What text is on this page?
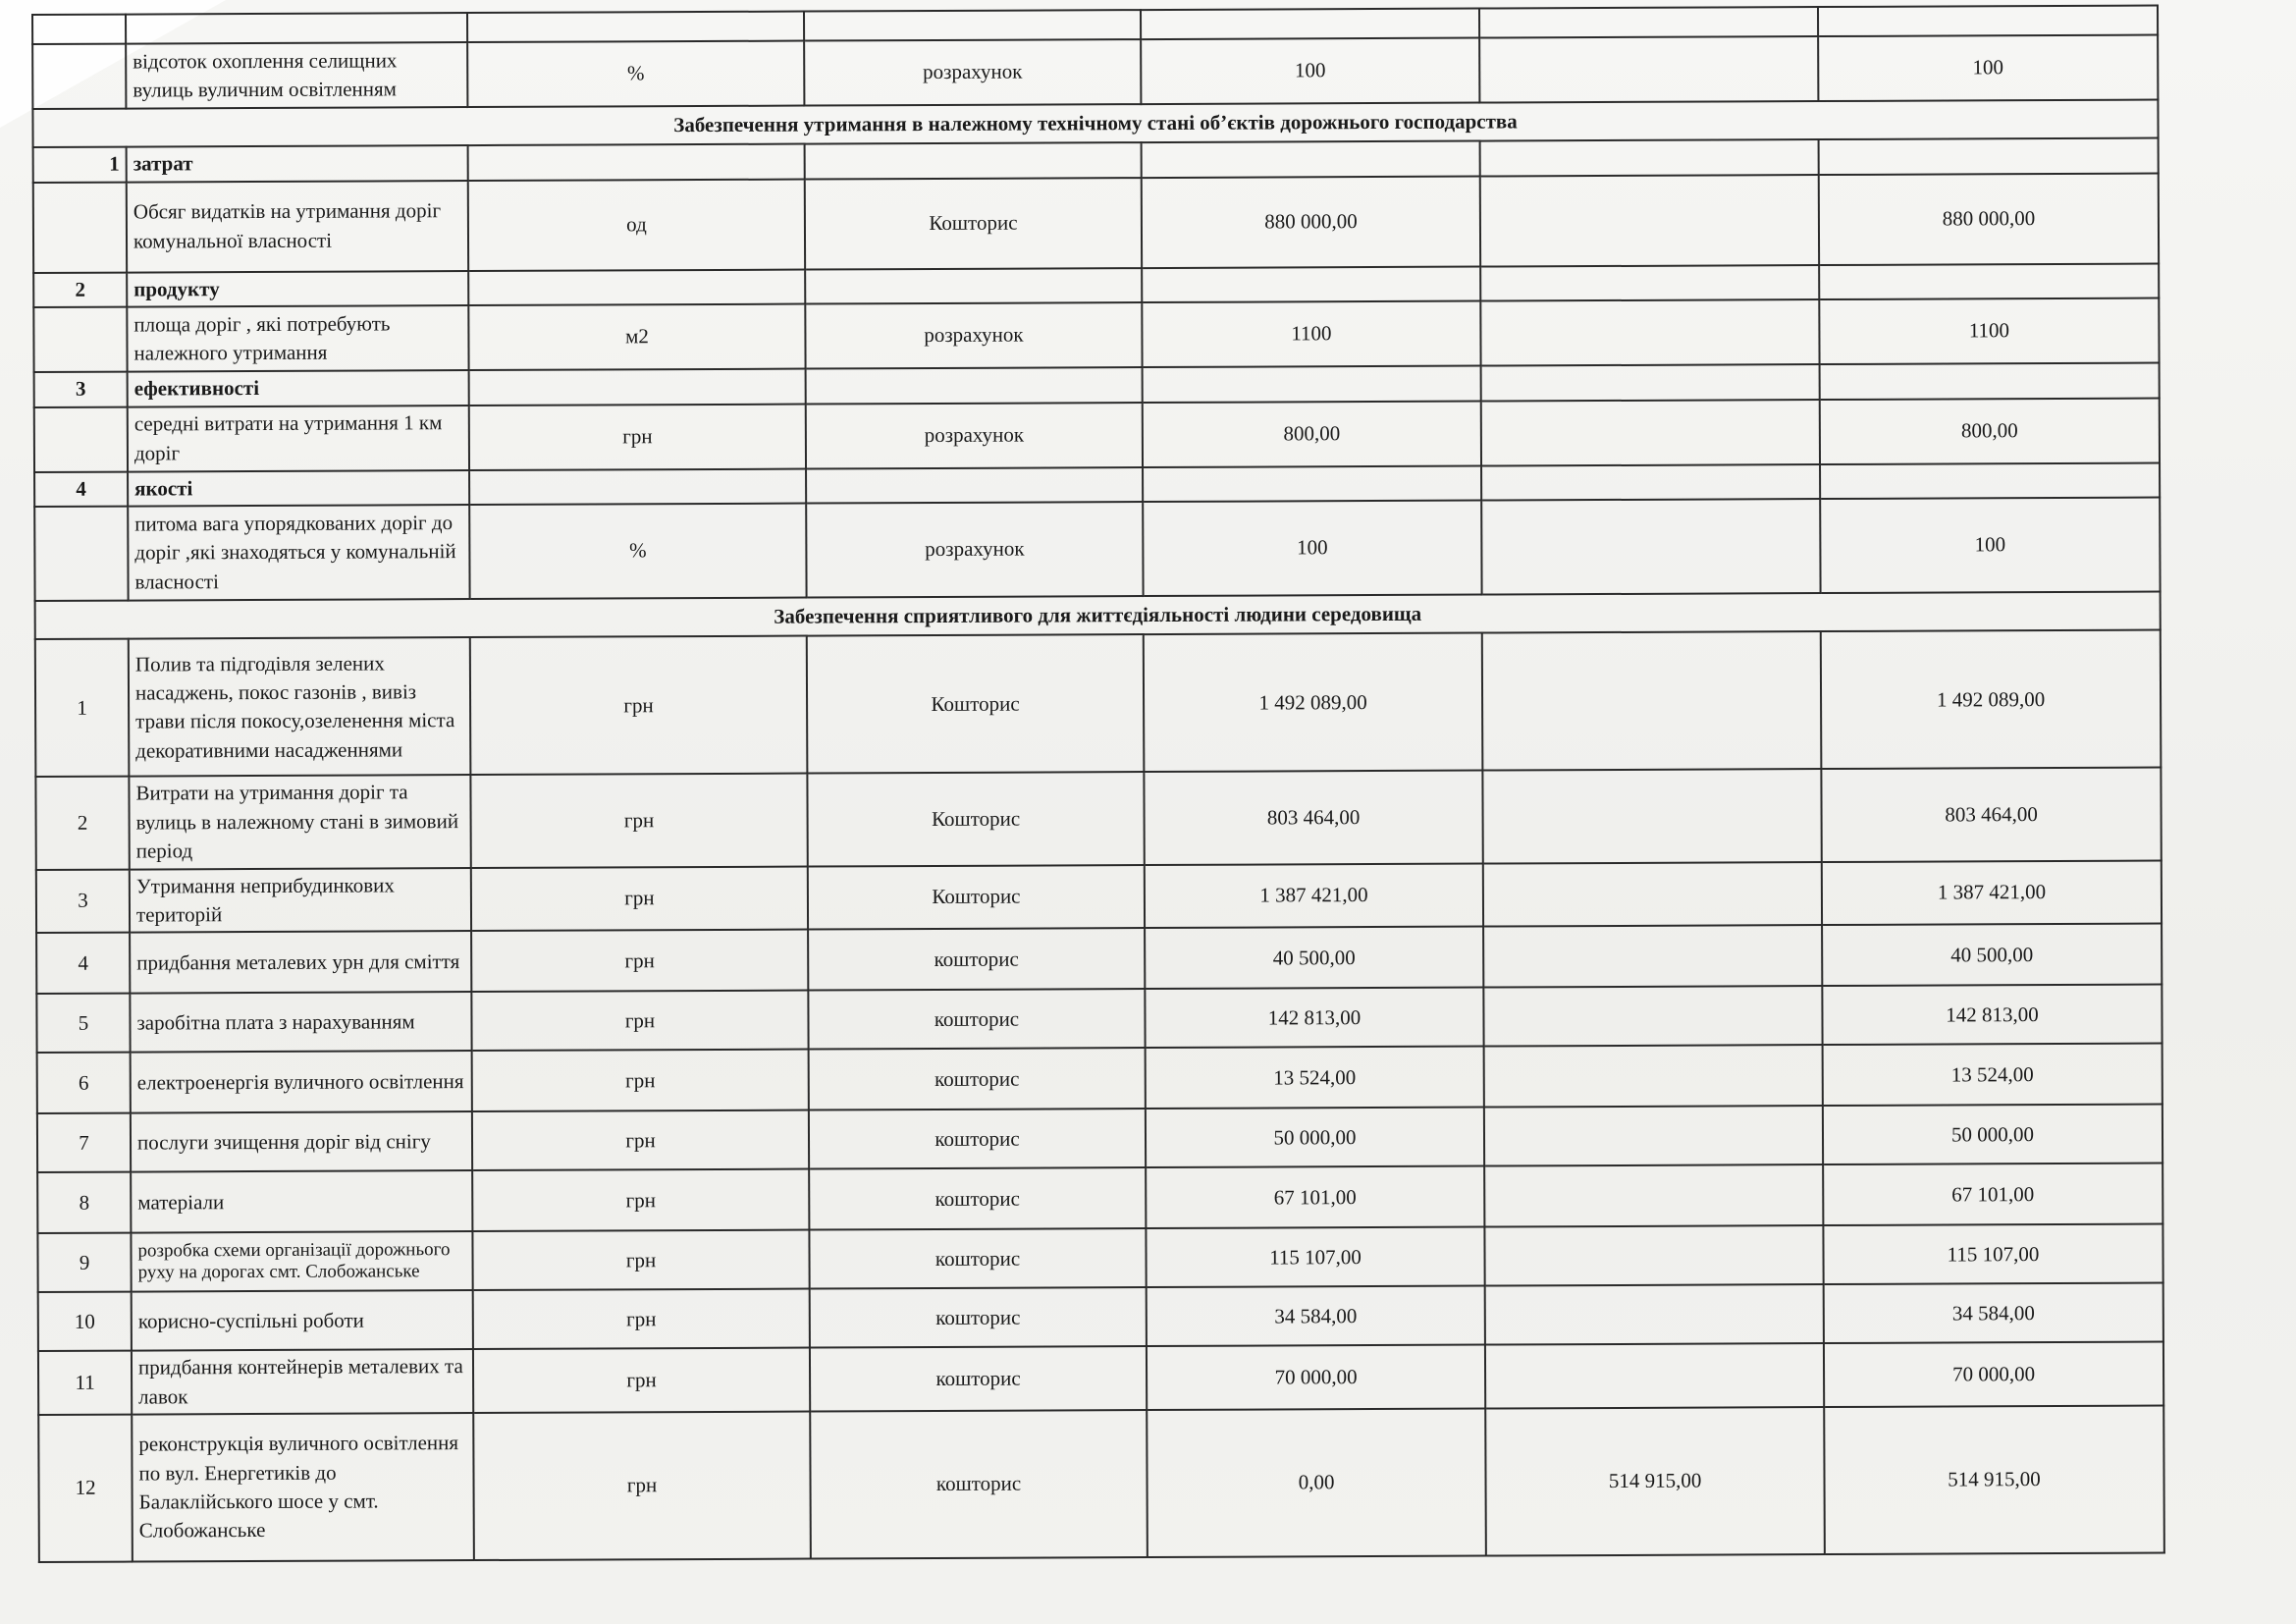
	відсоток охоплення селищних вулиць вуличним освітленням	%	розрахунок	100		100
Забезпечення утримання в належному технічному стані об’єктів дорожнього господарства						
1	затрат					
	Обсяг видатків на утримання доріг комунальної власності	од	Кошторис	880 000,00		880 000,00
2	продукту					
	площа доріг , які потребують належного утримання	м2	розрахунок	1100		1100
3	ефективності					
	середні витрати на утримання 1 км доріг	грн	розрахунок	800,00		800,00
4	якості					
	питома вага упорядкованих доріг до доріг ,які знаходяться у комунальній власності	%	розрахунок	100		100
Забезпечення сприятливого для життєдіяльності людини середовища						
1	Полив та підгодівля зелених насаджень, покос газонів , вивіз трави після покосу,озеленення міста декоративними насадженнями	грн	Кошторис	1 492 089,00		1 492 089,00
2	Витрати на утримання доріг та вулиць в належному стані в зимовий період	грн	Кошторис	803 464,00		803 464,00
3	Утримання неприбудинкових територій	грн	Кошторис	1 387 421,00		1 387 421,00
4	придбання металевих урн для сміття	грн	кошторис	40 500,00		40 500,00
5	заробітна плата з нарахуванням	грн	кошторис	142 813,00		142 813,00
6	електроенергія вуличного освітлення	грн	кошторис	13 524,00		13 524,00
7	послуги зчищення доріг від снігу	грн	кошторис	50 000,00		50 000,00
8	матеріали	грн	кошторис	67 101,00		67 101,00
9	розробка схеми організації дорожнього руху на дорогах смт. Слобожанське	грн	кошторис	115 107,00		115 107,00
10	корисно-суспільні роботи	грн	кошторис	34 584,00		34 584,00
11	придбання контейнерів металевих та лавок	грн	кошторис	70 000,00		70 000,00
12	реконструкція вуличного освітлення по вул. Енергетиків до Балаклійського шосе у смт. Слобожанське	грн	кошторис	0,00	514 915,00	514 915,00
